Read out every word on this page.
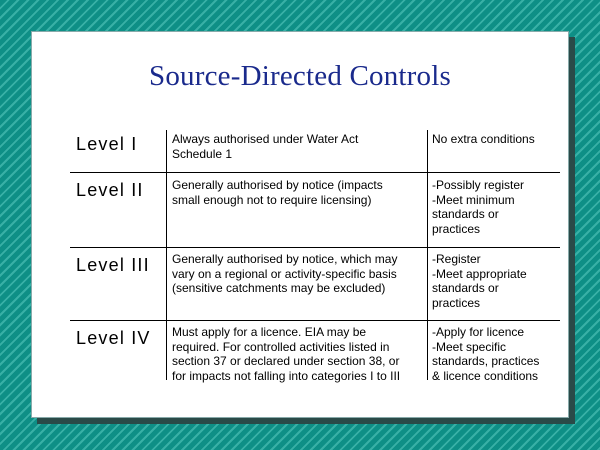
Source-Directed Controls
Level I	Always authorised under Water Act
Schedule 1
No extra conditions
Level II Generally authorised by notice (impacts
small enough not to require licensing)
-Possibly register
-Meet minimum
standards or
practices
Level III Generally authorised by notice, which may
vary on a regional or activity-specific basis
(sensitive catchments may be excluded)
-Register
-Meet appropriate
standards or
practices
Level IV Must apply for a licence. EIA may be
required. For controlled activities listed in
section 37 or declared under section 38, or
for impacts not falling into categories I to III
-Apply for licence
-Meet specific
standards, practices
& licence conditions
